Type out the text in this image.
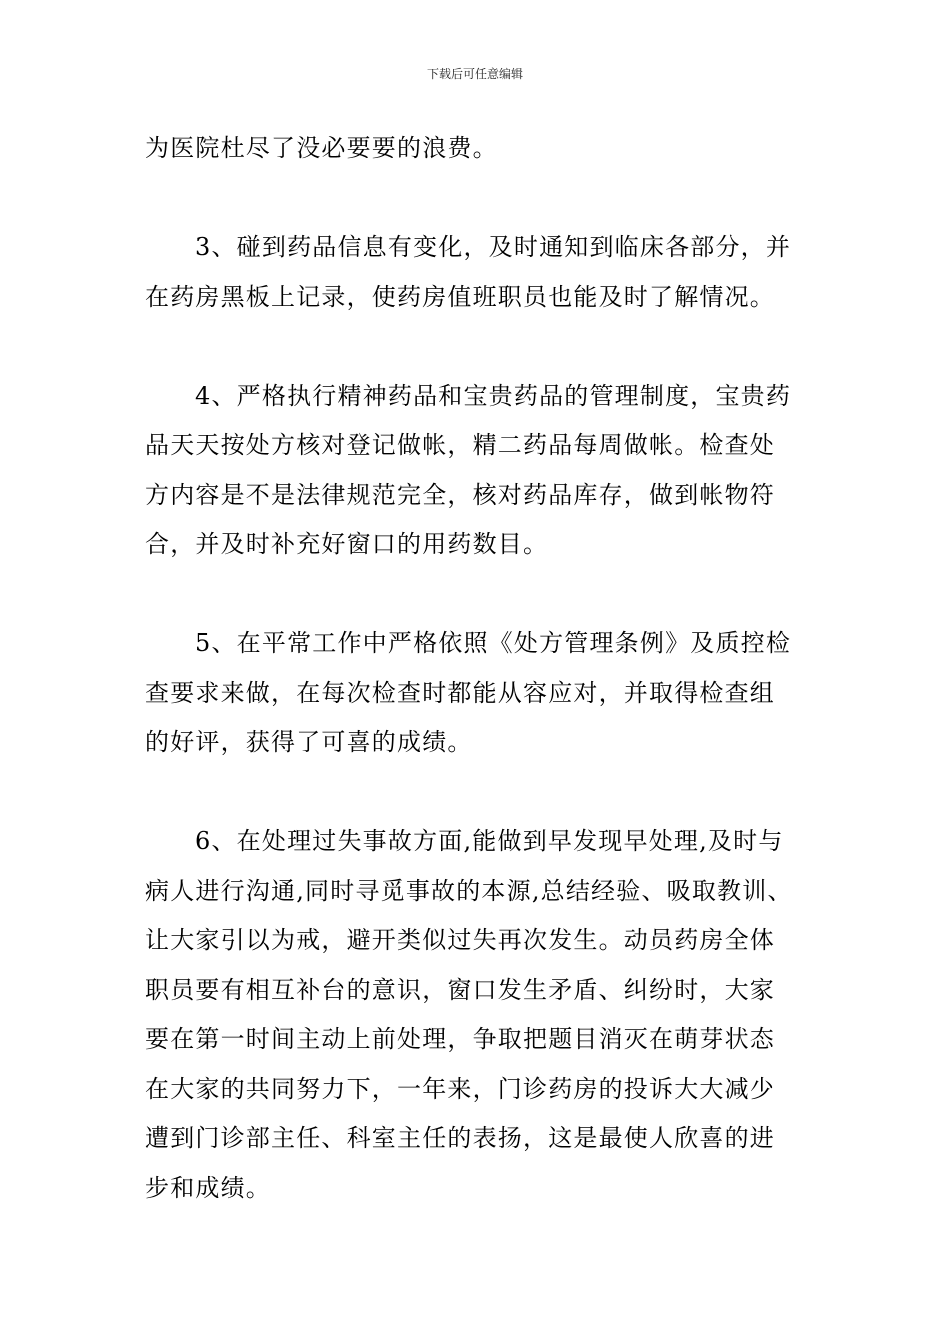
下载后可任意编辑

为医院杜尽了没必要要的浪费。

3、碰到药品信息有变化，及时通知到临床各部分，并
在药房黑板上记录，使药房值班职员也能及时了解情况。

4、严格执行精神药品和宝贵药品的管理制度，宝贵药
品天天按处方核对登记做帐，精二药品每周做帐。检查处
方内容是不是法律规范完全，核对药品库存，做到帐物符
合，并及时补充好窗口的用药数目。

5、在平常工作中严格依照《处方管理条例》及质控检
查要求来做，在每次检查时都能从容应对，并取得检查组
的好评，获得了可喜的成绩。

6、在处理过失事故方面,能做到早发现早处理,及时与
病人进行沟通,同时寻觅事故的本源,总结经验、吸取教训、
让大家引以为戒，避开类似过失再次发生。动员药房全体
职员要有相互补台的意识，窗口发生矛盾、纠纷时，大家
要在第一时间主动上前处理，争取把题目消灭在萌芽状态
在大家的共同努力下，一年来，门诊药房的投诉大大减少
遭到门诊部主任、科室主任的表扬，这是最使人欣喜的进
步和成绩。
